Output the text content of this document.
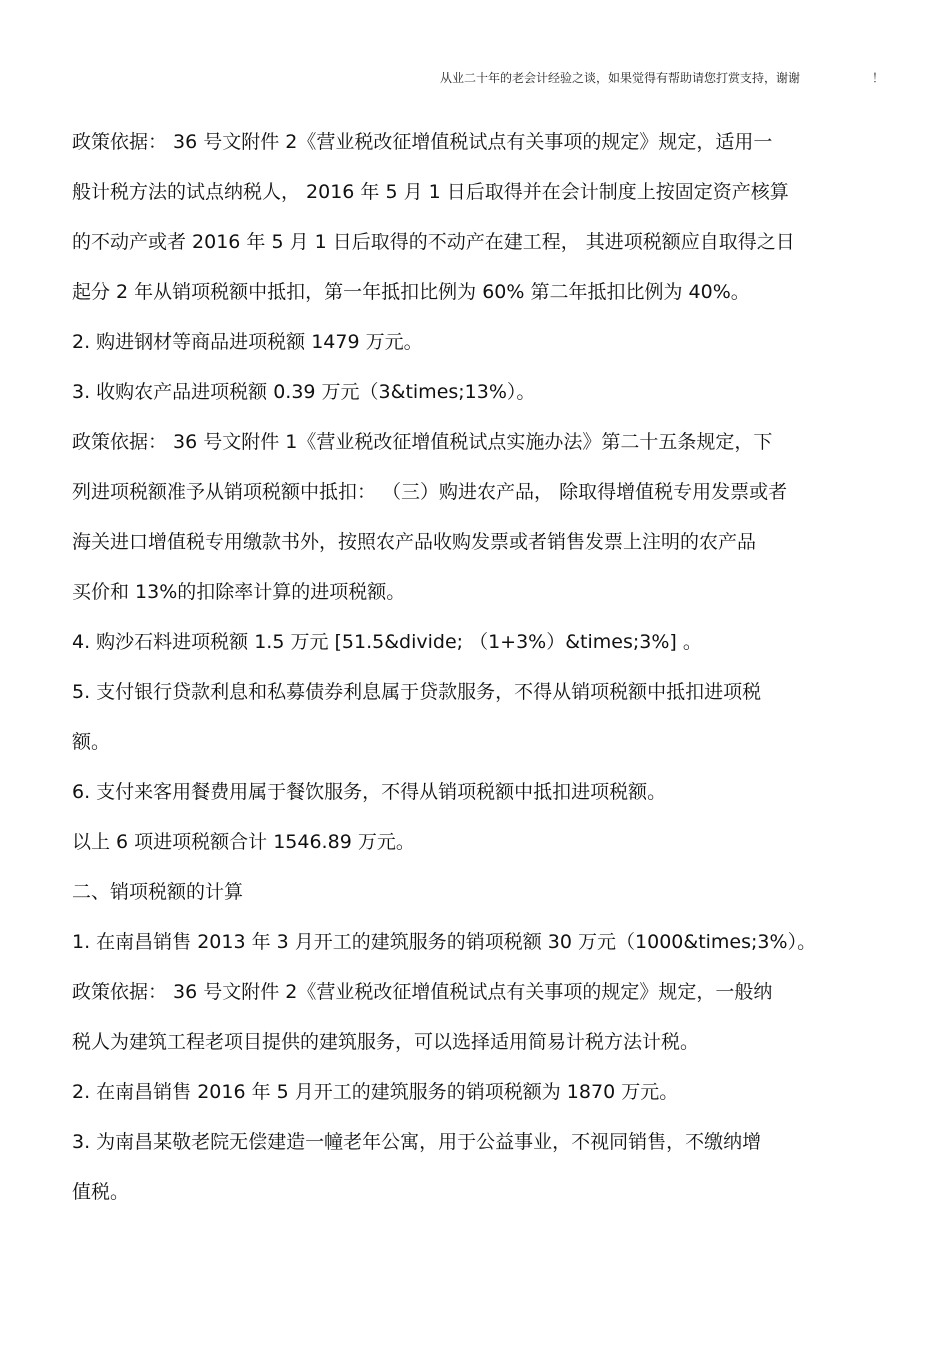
从业二十年的老会计经验之谈，如果觉得有帮助请您打赏支持，谢谢	！
政策依据： 36 号文附件 2《营业税改征增值税试点有关事项的规定》规定，适用一
般计税方法的试点纳税人， 2016 年 5 月 1 日后取得并在会计制度上按固定资产核算
的不动产或者 2016 年 5 月 1 日后取得的不动产在建工程， 其进项税额应自取得之日
起分 2 年从销项税额中抵扣，第一年抵扣比例为 60% 第二年抵扣比例为 40%。
2. 购进钢材等商品进项税额 1479 万元。
3. 收购农产品进项税额 0.39 万元（3&times;13%）。
政策依据： 36 号文附件 1《营业税改征增值税试点实施办法》第二十五条规定，下
列进项税额准予从销项税额中抵扣： （三）购进农产品， 除取得增值税专用发票或者
海关进口增值税专用缴款书外，按照农产品收购发票或者销售发票上注明的农产品
买价和 13%的扣除率计算的进项税额。
4. 购沙石料进项税额 1.5 万元 [51.5&divide; （1+3%）&times;3%] 。
5. 支付银行贷款利息和私募债券利息属于贷款服务，不得从销项税额中抵扣进项税
额。
6. 支付来客用餐费用属于餐饮服务，不得从销项税额中抵扣进项税额。
以上 6 项进项税额合计 1546.89 万元。
二、销项税额的计算
1. 在南昌销售 2013 年 3 月开工的建筑服务的销项税额 30 万元（1000&times;3%）。
政策依据： 36 号文附件 2《营业税改征增值税试点有关事项的规定》规定，一般纳
税人为建筑工程老项目提供的建筑服务，可以选择适用简易计税方法计税。
2. 在南昌销售 2016 年 5 月开工的建筑服务的销项税额为 1870 万元。
3. 为南昌某敬老院无偿建造一幢老年公寓，用于公益事业，不视同销售，不缴纳增
值税。
